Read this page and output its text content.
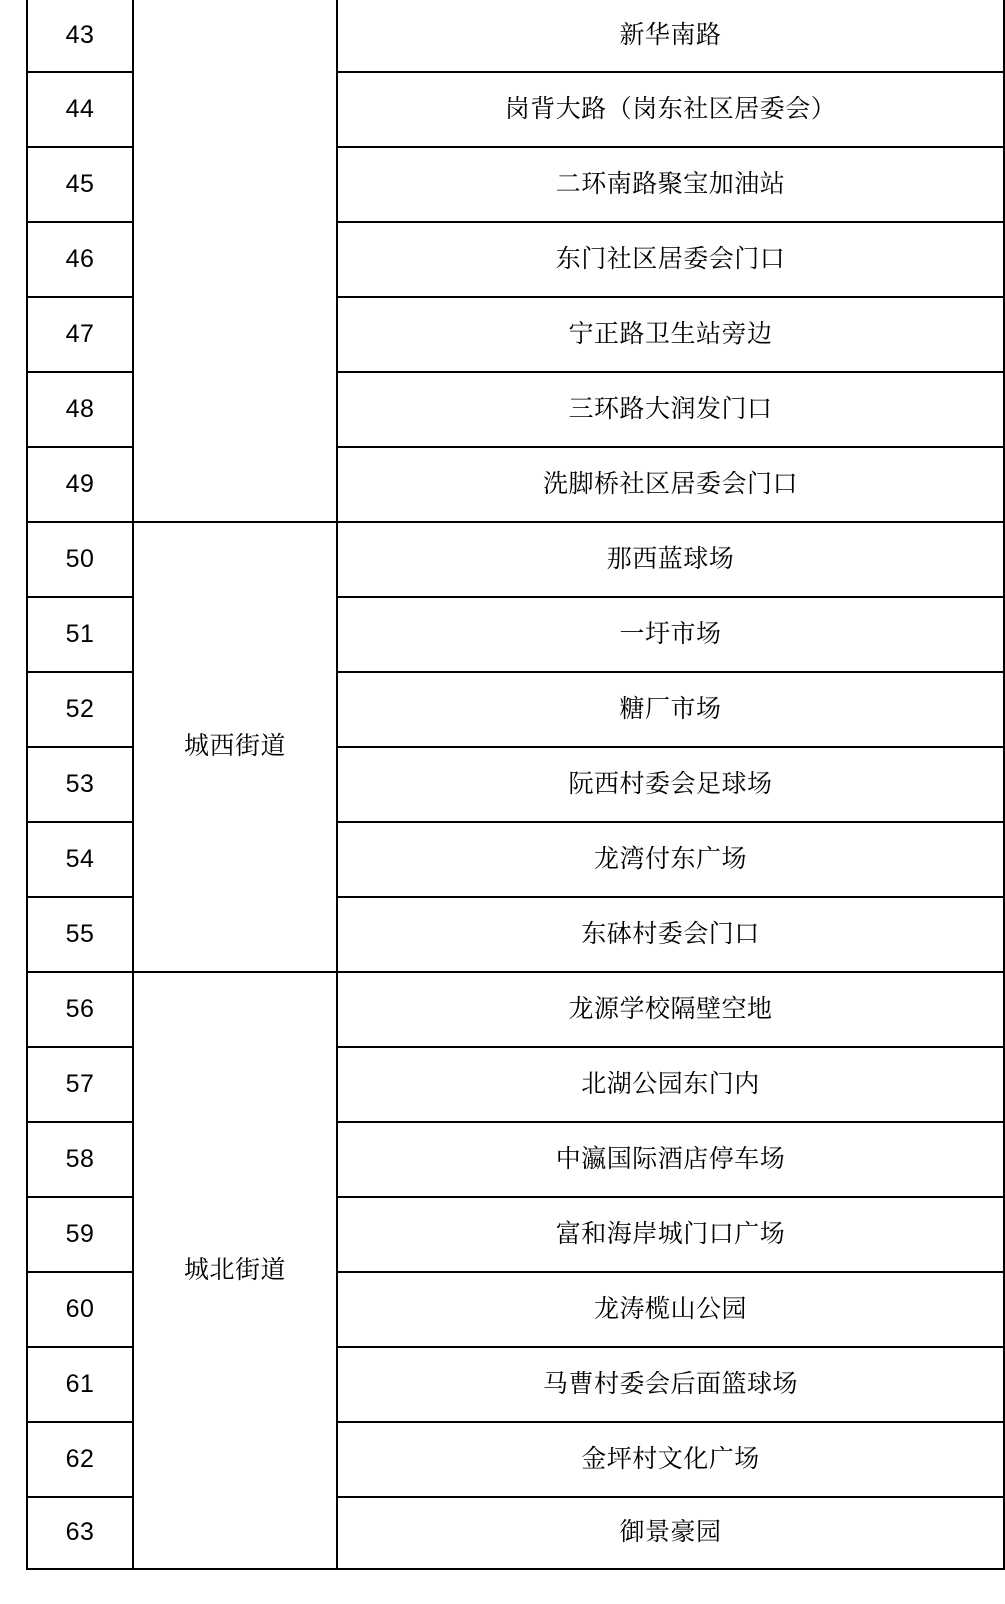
43		新华南路
44		岗背大路（岗东社区居委会）
45		二环南路聚宝加油站
46		东门社区居委会门口
47		宁正路卫生站旁边
48		三环路大润发门口
49		洗脚桥社区居委会门口
50	城西街道	那西蓝球场
51		一圩市场
52		糖厂市场
53		阮西村委会足球场
54		龙湾付东广场
55		东砵村委会门口
56	城北街道	龙源学校隔壁空地
57		北湖公园东门内
58		中瀛国际酒店停车场
59		富和海岸城门口广场
60		龙涛榄山公园
61		马曹村委会后面篮球场
62		金坪村文化广场
63		御景豪园
